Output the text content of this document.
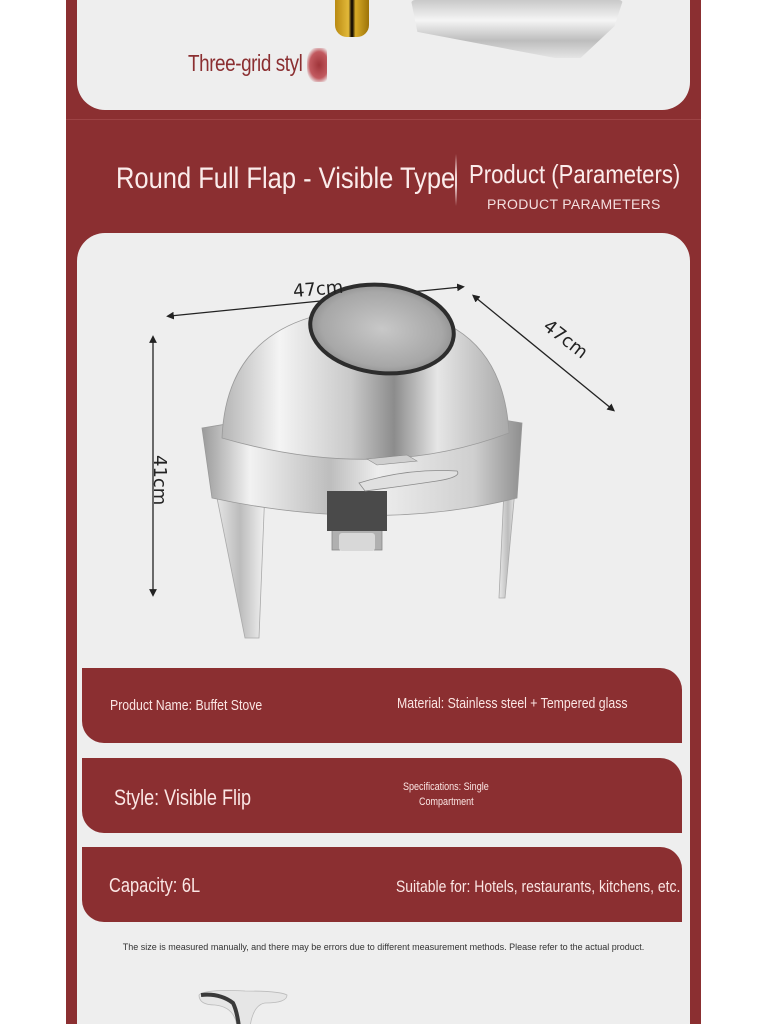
Three-grid styl
Round Full Flap - Visible Type Product (Parameters)
PRODUCT PARAMETERS
47cm
47cm
41cm
Product Name: Buffet Stove	Material: Stainless steel + Tempered glass
Style: Visible Flip	Specifications: Single
Compartment
Capacity: 6L	Suitable for: Hotels, restaurants, kitchens, etc.
The size is measured manually, and there may be errors due to different measurement methods. Please refer to the actual product.
